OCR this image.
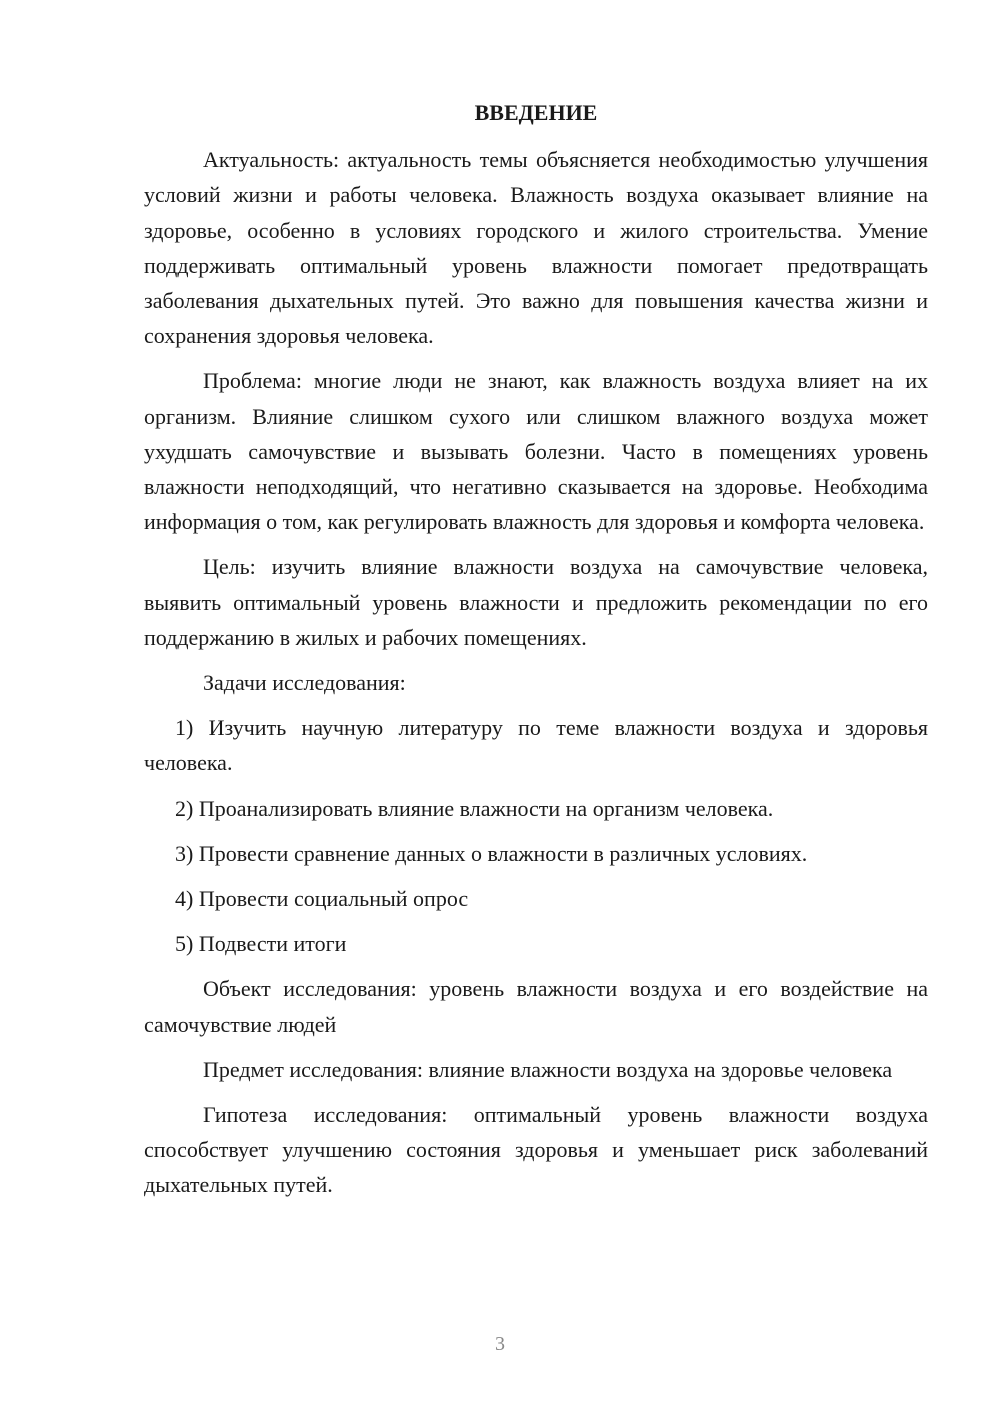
ВВЕДЕНИЕ

Актуальность: актуальность темы объясняется необходимостью улучшения условий жизни и работы человека. Влажность воздуха оказывает влияние на здоровье, особенно в условиях городского и жилого строительства. Умение поддерживать оптимальный уровень влажности помогает предотвращать заболевания дыхательных путей. Это важно для повышения качества жизни и сохранения здоровья человека.

Проблема: многие люди не знают, как влажность воздуха влияет на их организм. Влияние слишком сухого или слишком влажного воздуха может ухудшать самочувствие и вызывать болезни. Часто в помещениях уровень влажности неподходящий, что негативно сказывается на здоровье. Необходима информация о том, как регулировать влажность для здоровья и комфорта человека.

Цель: изучить влияние влажности воздуха на самочувствие человека, выявить оптимальный уровень влажности и предложить рекомендации по его поддержанию в жилых и рабочих помещениях.

Задачи исследования:

1) Изучить научную литературу по теме влажности воздуха и здоровья человека.

2) Проанализировать влияние влажности на организм человека.

3) Провести сравнение данных о влажности в различных условиях.

4) Провести социальный опрос

5) Подвести итоги

Объект исследования: уровень влажности воздуха и его воздействие на самочувствие людей

Предмет исследования: влияние влажности воздуха на здоровье человека

Гипотеза исследования: оптимальный уровень влажности воздуха способствует улучшению состояния здоровья и уменьшает риск заболеваний дыхательных путей.

3
